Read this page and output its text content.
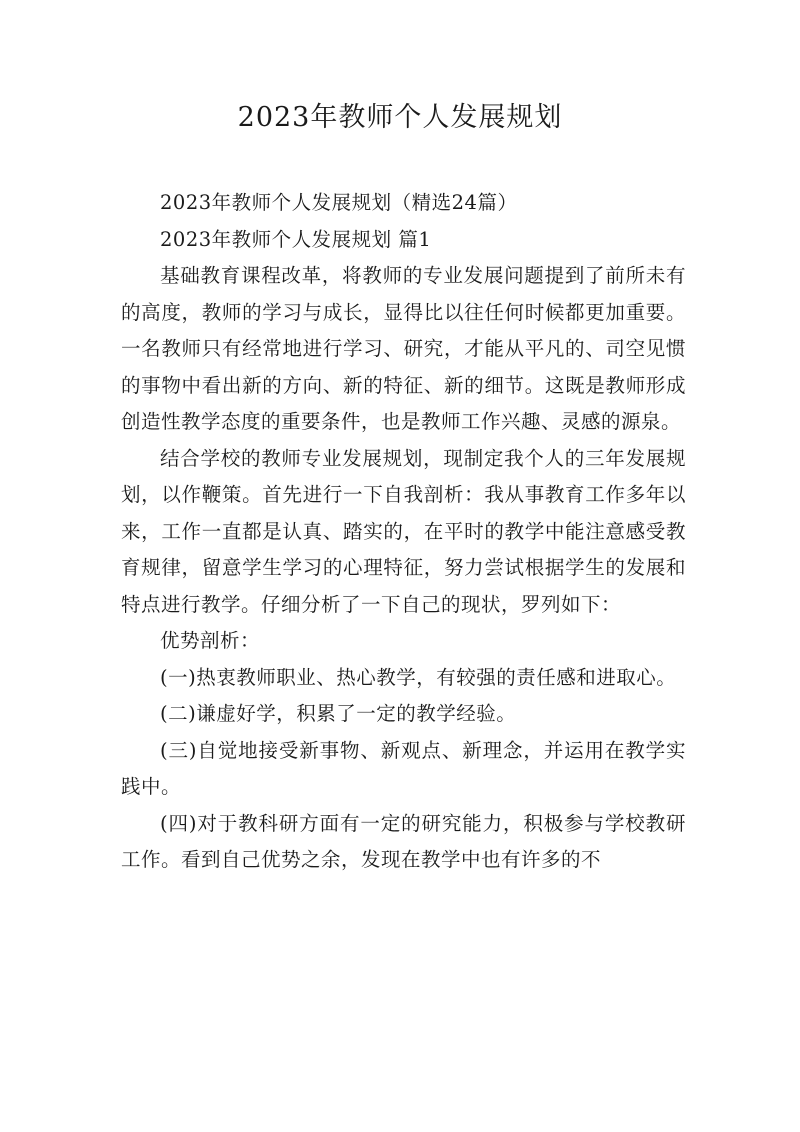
2023年教师个人发展规划

2023年教师个人发展规划（精选24篇）

2023年教师个人发展规划 篇1

基础教育课程改革，将教师的专业发展问题提到了前所未有的高度，教师的学习与成长，显得比以往任何时候都更加重要。一名教师只有经常地进行学习、研究，才能从平凡的、司空见惯的事物中看出新的方向、新的特征、新的细节。这既是教师形成创造性教学态度的重要条件，也是教师工作兴趣、灵感的源泉。

结合学校的教师专业发展规划，现制定我个人的三年发展规划，以作鞭策。首先进行一下自我剖析：我从事教育工作多年以来，工作一直都是认真、踏实的，在平时的教学中能注意感受教育规律，留意学生学习的心理特征，努力尝试根据学生的发展和特点进行教学。仔细分析了一下自己的现状，罗列如下：

优势剖析：

(一)热衷教师职业、热心教学，有较强的责任感和进取心。

(二)谦虚好学，积累了一定的教学经验。

(三)自觉地接受新事物、新观点、新理念，并运用在教学实践中。

(四)对于教科研方面有一定的研究能力，积极参与学校教研工作。看到自己优势之余，发现在教学中也有许多的不
